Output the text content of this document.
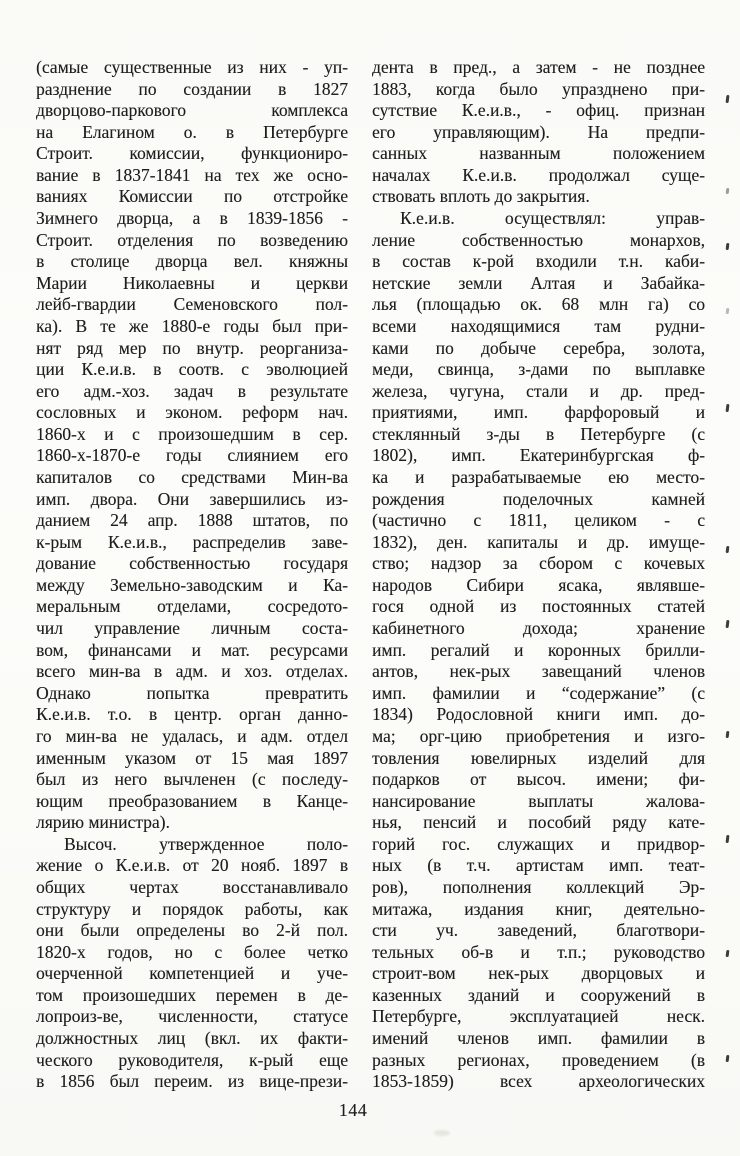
(самые существенные из них - уп-
разднение по создании в 1827
дворцово-паркового комплекса
на Елагином о. в Петербурге
Строит. комиссии, функциониро-
вание в 1837-1841 на тех же осно-
ваниях Комиссии по отстройке
Зимнего дворца, а в 1839-1856 -
Строит. отделения по возведению
в столице дворца вел. княжны
Марии Николаевны и церкви
лейб-гвардии Семеновского пол-
ка). В те же 1880-е годы был при-
нят ряд мер по внутр. реорганиза-
ции К.е.и.в. в соотв. с эволюцией
его адм.-хоз. задач в результате
сословных и эконом. реформ нач.
1860-х и с произошедшим в сер.
1860-х-1870-е годы слиянием его
капиталов со средствами Мин-ва
имп. двора. Они завершились из-
данием 24 апр. 1888 штатов, по
к-рым К.е.и.в., распределив заве-
дование собственностью государя
между Земельно-заводским и Ка-
меральным отделами, сосредото-
чил управление личным соста-
вом, финансами и мат. ресурсами
всего мин-ва в адм. и хоз. отделах.
Однако попытка превратить
К.е.и.в. т.о. в центр. орган данно-
го мин-ва не удалась, и адм. отдел
именным указом от 15 мая 1897
был из него вычленен (с последу-
ющим преобразованием в Канце-
лярию министра).
Высоч. утвержденное поло-
жение о К.е.и.в. от 20 нояб. 1897 в
общих чертах восстанавливало
структуру и порядок работы, как
они были определены во 2-й пол.
1820-х годов, но с более четко
очерченной компетенцией и уче-
том произошедших перемен в де-
лопроиз-ве, численности, статусе
должностных лиц (вкл. их факти-
ческого руководителя, к-рый еще
в 1856 был переим. из вице-прези-
дента в пред., а затем - не позднее
1883, когда было упразднено при-
сутствие К.е.и.в., - офиц. признан
его управляющим). На предпи-
санных названным положением
началах К.е.и.в. продолжал суще-
ствовать вплоть до закрытия.
К.е.и.в. осуществлял: управ-
ление собственностью монархов,
в состав к-рой входили т.н. каби-
нетские земли Алтая и Забайка-
лья (площадью ок. 68 млн га) со
всеми находящимися там рудни-
ками по добыче серебра, золота,
меди, свинца, з-дами по выплавке
железа, чугуна, стали и др. пред-
приятиями, имп. фарфоровый и
стеклянный з-ды в Петербурге (с
1802), имп. Екатеринбургская ф-
ка и разрабатываемые ею место-
рождения поделочных камней
(частично с 1811, целиком - с
1832), ден. капиталы и др. имуще-
ство; надзор за сбором с кочевых
народов Сибири ясака, являвше-
гося одной из постоянных статей
кабинетного дохода; хранение
имп. регалий и коронных брилли-
антов, нек-рых завещаний членов
имп. фамилии и “содержание” (с
1834) Родословной книги имп. до-
ма; орг-цию приобретения и изго-
товления ювелирных изделий для
подарков от высоч. имени; фи-
нансирование выплаты жалова-
нья, пенсий и пособий ряду кате-
горий гос. служащих и придвор-
ных (в т.ч. артистам имп. теат-
ров), пополнения коллекций Эр-
митажа, издания книг, деятельно-
сти уч. заведений, благотвори-
тельных об-в и т.п.; руководство
строит-вом нек-рых дворцовых и
казенных зданий и сооружений в
Петербурге, эксплуатацией неск.
имений членов имп. фамилии в
разных регионах, проведением (в
1853-1859) всех археологических
144
